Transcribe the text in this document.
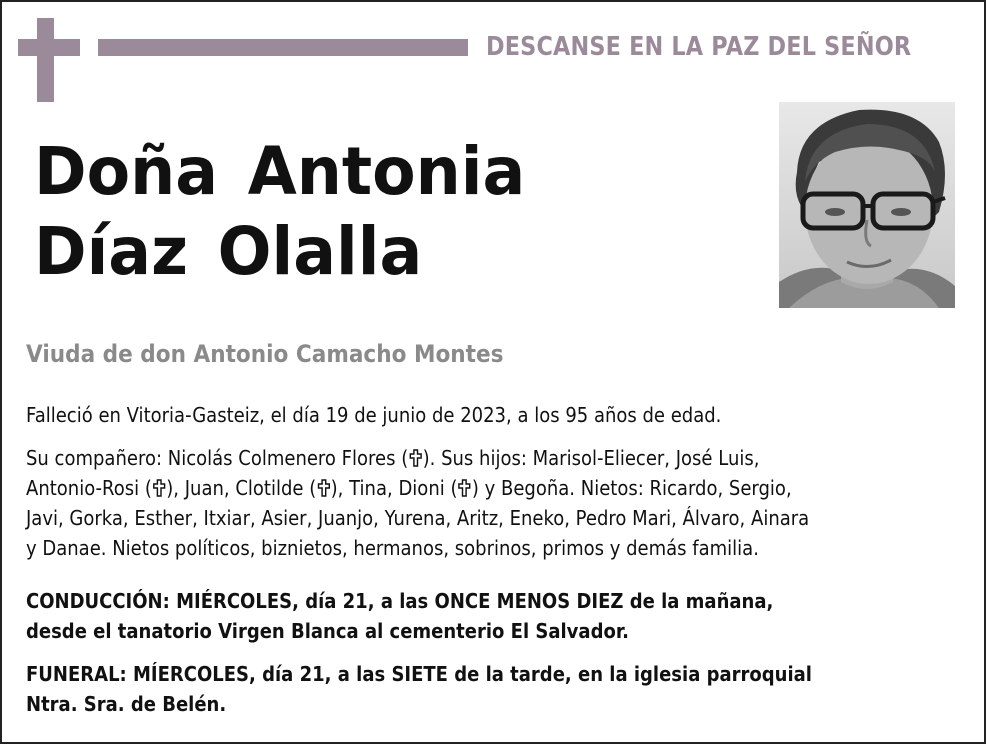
DESCANSE EN LA PAZ DEL SEÑOR
Doña Antonia
Díaz Olalla
Viuda de don Antonio Camacho Montes
Falleció en Vitoria-Gasteiz, el día 19 de junio de 2023, a los 95 años de edad.
Su compañero: Nicolás Colmenero Flores ( ). Sus hijos: Marisol-Eliecer, José Luis,
Antonio-Rosi ( ), Juan, Clotilde ( ), Tina, Dioni ( ) y Begoña. Nietos: Ricardo, Sergio,
Javi, Gorka, Esther, Itxiar, Asier, Juanjo, Yurena, Aritz, Eneko, Pedro Mari, Álvaro, Ainara
y Danae. Nietos políticos, biznietos, hermanos, sobrinos, primos y demás familia.
CONDUCCIÓN: MIÉRCOLES, día 21, a las ONCE MENOS DIEZ de la mañana,
desde el tanatorio Virgen Blanca al cementerio El Salvador.
FUNERAL: MÍERCOLES, día 21, a las SIETE de la tarde, en la iglesia parroquial
Ntra. Sra. de Belén.
